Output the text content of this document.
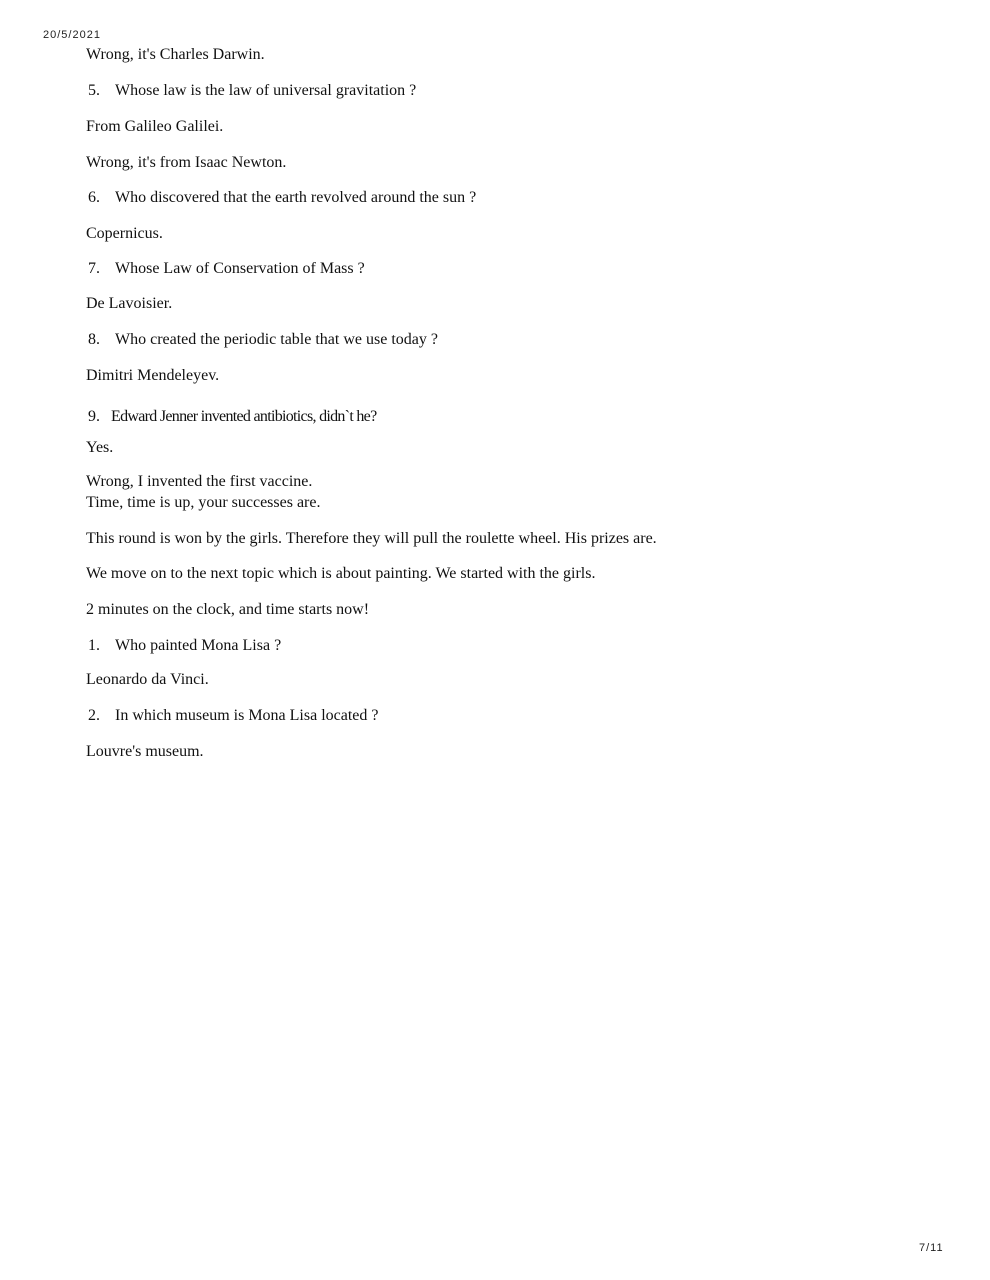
20/5/2021

Wrong, it's Charles Darwin.

5. Whose law is the law of universal gravitation ?

From Galileo Galilei.

Wrong, it's from Isaac Newton.

6. Who discovered that the earth revolved around the sun ?

Copernicus.

7. Whose Law of Conservation of Mass ?

De Lavoisier.

8. Who created the periodic table that we use today ?

Dimitri Mendeleyev.

9. Edward Jenner invented antibiotics, didn`t he?

Yes.

Wrong, I invented the first vaccine.

Time, time is up, your successes are.

This round is won by the girls. Therefore they will pull the roulette wheel. His prizes are.

We move on to the next topic which is about painting. We started with the girls.

2 minutes on the clock, and time starts now!

1. Who painted Mona Lisa ?

Leonardo da Vinci.

2. In which museum is Mona Lisa located ?

Louvre's museum.

7/11
